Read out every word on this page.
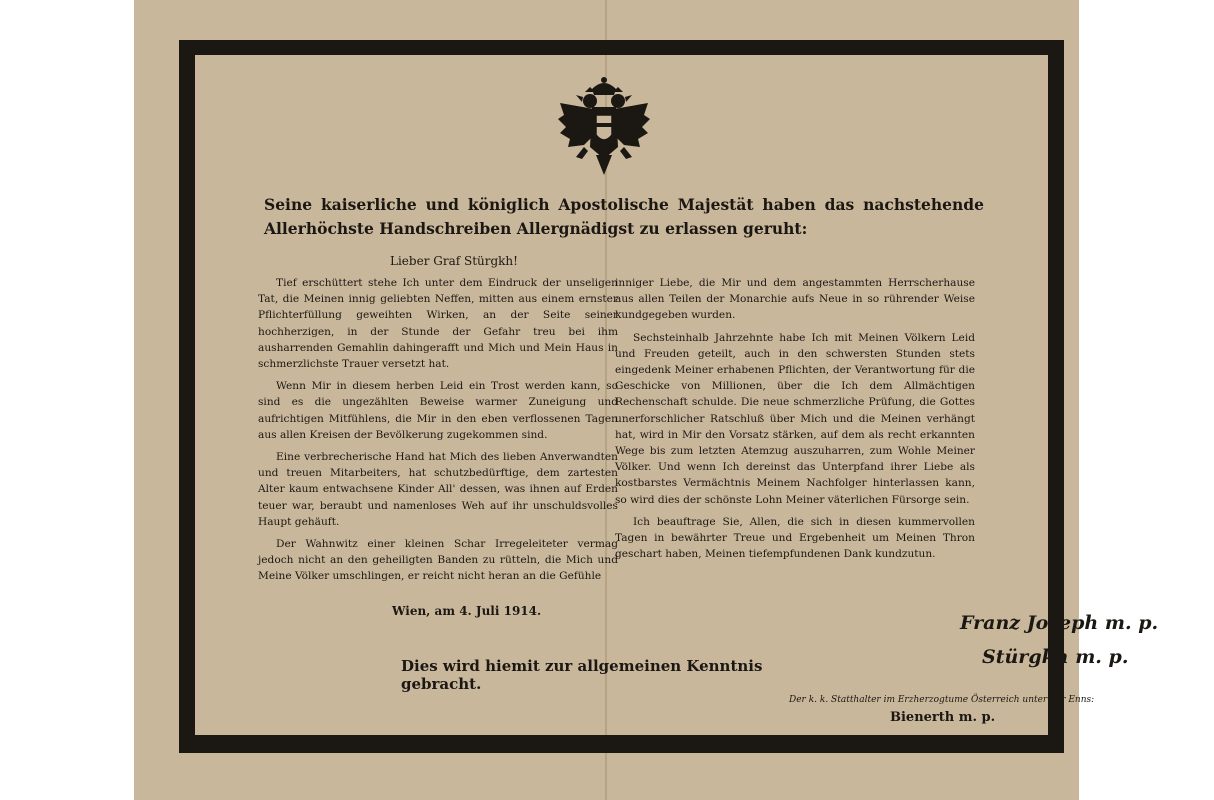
Seine kaiserliche und königlich Apostolische Majestät haben das nachstehende Allerhöchste Handschreiben Allergnädigst zu erlassen geruht:
Lieber Graf Stürgkh!

Tief erschüttert stehe Ich unter dem Eindruck der unseligen Tat, die Meinen innig geliebten Neffen, mitten aus einem ernster Pflichterfüllung geweihten Wirken, an der Seite seiner hochherzigen, in der Stunde der Gefahr treu bei ihm ausharrenden Gemahlin dahingerafft und Mich und Mein Haus in schmerzlichste Trauer versetzt hat.

Wenn Mir in diesem herben Leid ein Trost werden kann, so sind es die ungezählten Beweise warmer Zuneigung und aufrichtigen Mitfühlens, die Mir in den eben verflossenen Tagen aus allen Kreisen der Bevölkerung zugekommen sind.

Eine verbrecherische Hand hat Mich des lieben Anverwandten und treuen Mitarbeiters, hat schutzbedürftige, dem zartesten Alter kaum entwachsene Kinder All' dessen, was ihnen auf Erden teuer war, beraubt und namenloses Weh auf ihr unschuldsvolles Haupt gehäuft.

Der Wahnwitz einer kleinen Schar Irregeleiteter vermag jedoch nicht an den geheiligten Banden zu rütteln, die Mich und Meine Völker umschlingen, er reicht nicht heran an die Gefühle

inniger Liebe, die Mir und dem angestammten Herrscherhause aus allen Teilen der Monarchie aufs Neue in so rührender Weise kundgegeben wurden.

Sechsteinhalb Jahrzehnte habe Ich mit Meinen Völkern Leid und Freuden geteilt, auch in den schwersten Stunden stets eingedenk Meiner erhabenen Pflichten, der Verantwortung für die Geschicke von Millionen, über die Ich dem Allmächtigen Rechenschaft schulde. Die neue schmerzliche Prüfung, die Gottes unerforschlicher Ratschluß über Mich und die Meinen verhängt hat, wird in Mir den Vorsatz stärken, auf dem als recht erkannten Wege bis zum letzten Atemzug auszuharren, zum Wohle Meiner Völker. Und wenn Ich dereinst das Unterpfand ihrer Liebe als kostbarstes Vermächtnis Meinem Nachfolger hinterlassen kann, so wird dies der schönste Lohn Meiner väterlichen Fürsorge sein.

Ich beauftrage Sie, Allen, die sich in diesen kummervollen Tagen in bewährter Treue und Ergebenheit um Meinen Thron geschart haben, Meinen tiefempfundenen Dank kundzutun.

Wien, am 4. Juli 1914.
Franz Joseph m. p.
Stürgkh m. p.
Dies wird hiemit zur allgemeinen Kenntnis gebracht.
Der k. k. Statthalter im Erzherzogtume Österreich unter der Enns:
Bienerth m. p.
